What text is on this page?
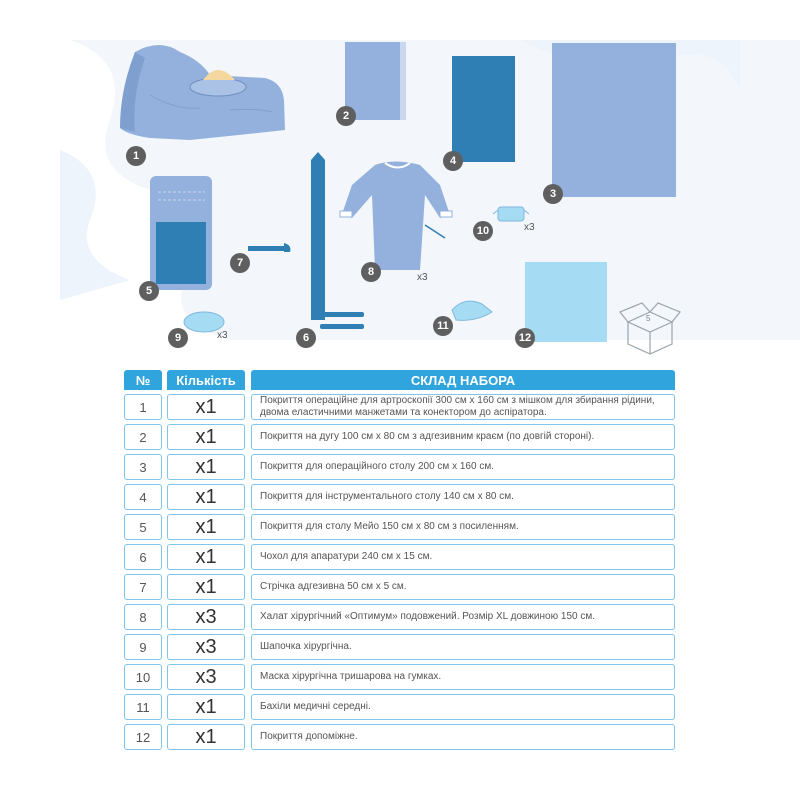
5
1
2
3
4
5
6
7
8
9
10
11
12
x3
x3
x3
№	Кількість	СКЛАД НАБОРА
1	x1	Покриття операційне для артроскопії 300 см х 160 см з мішком для збирання рідини, двома еластичними манжетами та конектором до аспіратора.
2	x1	Покриття на дугу 100 см х 80 см з адгезивним краєм (по довгій стороні).
3	x1	Покриття для операційного столу 200 см х 160 см.
4	x1	Покриття для інструментального столу 140 см х 80 см.
5	x1	Покриття для столу Мейо 150 см х 80 см з посиленням.
6	x1	Чохол для апаратури 240 см х 15 см.
7	x1	Стрічка адгезивна 50 см х 5 см.
8	x3	Халат хірургічний «Оптимум» подовжений. Розмір XL довжиною 150 см.
9	x3	Шапочка хірургічна.
10	x3	Маска хірургічна тришарова на гумках.
11	x1	Бахіли медичні середні.
12	x1	Покриття допоміжне.
